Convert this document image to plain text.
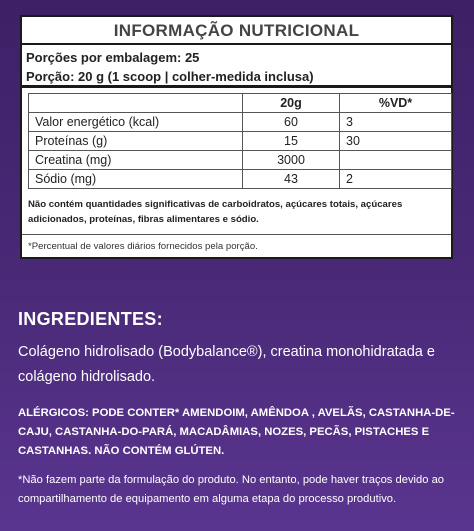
INFORMAÇÃO NUTRICIONAL
Porções por embalagem: 25
Porção: 20 g (1 scoop | colher-medida inclusa)
	20g	%VD*
Valor energético (kcal)	60	3
Proteínas (g)	15	30
Creatina (mg)	3000	
Sódio (mg)	43	2
Não contém quantidades significativas de carboidratos, açúcares totais, açúcares adicionados, proteínas, fibras alimentares e sódio.
*Percentual de valores diários fornecidos pela porção.
INGREDIENTES:
Colágeno hidrolisado (Bodybalance®), creatina monohidratada e colágeno hidrolisado.
ALÉRGICOS: PODE CONTER* AMENDOIM, AMÊNDOA , AVELÃS, CASTANHA-DE-CAJU, CASTANHA-DO-PARÁ, MACADÂMIAS, NOZES, PECÃS, PISTACHES E CASTANHAS. NÃO CONTÉM GLÚTEN.
*Não fazem parte da formulação do produto. No entanto, pode haver traços devido ao compartilhamento de equipamento em alguma etapa do processo produtivo.
